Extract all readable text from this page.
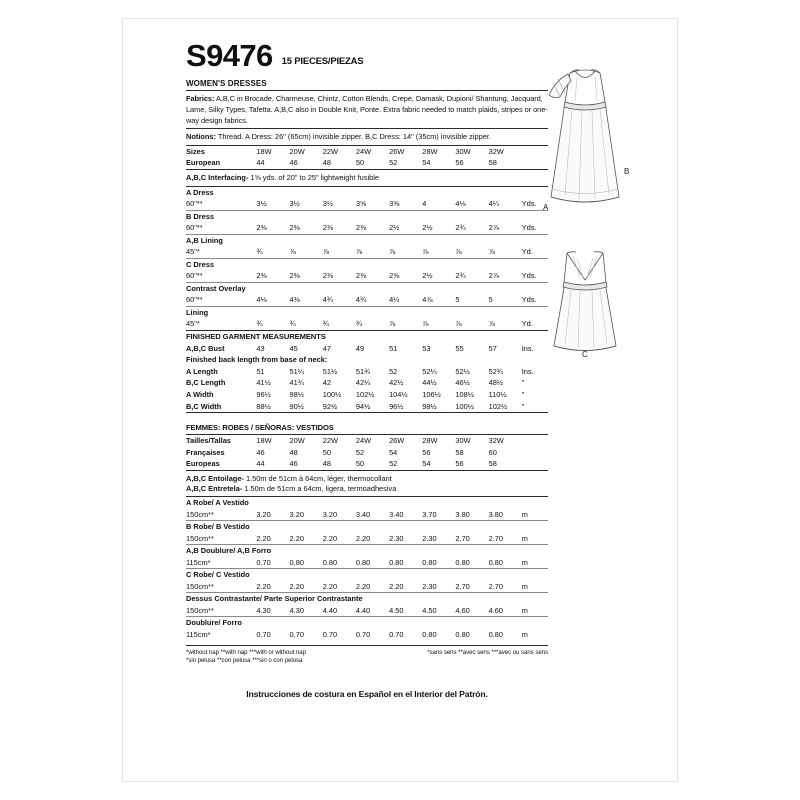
S9476 15 PIECES/PIEZAS
WOMEN'S DRESSES
Fabrics: A,B,C in Brocade, Charmeuse, Chintz, Cotton Blends, Crepe, Damask, Dupioni/ Shantung, Jacquard, Lame, Silky Types, Tafetta. A,B,C also in Double Knit, Ponte. Extra fabric needed to match plaids, stripes or one-way design fabrics.
Notions: Thread. A Dress: 26" (65cm) invisible zipper. B,C Dress: 14" (35cm) invisible zipper.
Sizes	18W	20W	22W	24W	26W	28W	30W	32W	
European	44	46	48	50	52	54	56	58	
A,B,C Interfacing- 1⅝ yds. of 20" to 25" lightweight fusible
A Dress									
60"**	3½	3½	3½	3⅝	3⅝	4	4⅛	4¼	Yds.
B Dress									
60"**	2⅜	2⅜	2⅜	2⅜	2½	2½	2¾	2⅞	Yds.
A,B Lining									
45"*	¾	⅞	⅞	⅞	⅞	⅞	⅞	⅞	Yd.
C Dress									
60"**	2⅜	2⅜	2⅜	2⅜	2⅜	2½	2¾	2⅞	Yds.
Contrast Overlay									
60"**	4⅛	4⅜	4¾	4¾	4¼	4⅞	5	5	Yds.
Lining									
45"*	¾	¾	¾	¾	⅞	⅞	⅞	⅞	Yd.
FINISHED GARMENT MEASUREMENTS									
A,B,C Bust	43	45	47	49	51	53	55	57	Ins.
Finished back length from base of neck:									
A Length	51	51¼	51½	51¾	52	52¼	52½	52¾	Ins.
B,C Length	41½	41¾	42	42¼	42½	44½	46½	48½	"
A Width	96½	98½	100½	102½	104½	106½	108½	110½	"
B,C Width	88½	90½	92½	94½	96½	98½	100½	102½	"
FEMMES: ROBES / SEÑORAS: VESTIDOS									
Tailles/Tallas	18W	20W	22W	24W	26W	28W	30W	32W	
Françaises	46	48	50	52	54	56	58	60	
Europeas	44	46	48	50	52	54	56	58	
A,B,C Entoilage- 1.50m de 51cm à 64cm, léger, thermocollant
A,B,C Entretela- 1.50m de 51cm a 64cm, ligera, termoadhesiva
A Robe/ A Vestido									
150cm**	3.20	3.20	3.20	3.40	3.40	3.70	3.80	3.80	m
B Robe/ B Vestido									
150cm**	2.20	2.20	2.20	2.20	2.30	2.30	2.70	2.70	m
A,B Doublure/ A,B Forro									
115cm*	0.70	0.80	0.80	0.80	0.80	0.80	0.80	0.80	m
C Robe/ C Vestido									
150cm**	2.20	2.20	2.20	2.20	2.20	2.30	2.70	2.70	m
Dessus Contrastante/ Parte Superior Contrastante									
150cm**	4.30	4.30	4.40	4.40	4.50	4.50	4.60	4.60	m
Doublure/ Forro									
115cm*	0.70	0.70	0.70	0.70	0.70	0.80	0.80	0.80	m
*without nap **with nap ***with or without nap
*sin pelusa **con pelusa ***sin o con pelusa
*sans sens **avec sens ***avec ou sans sens
Instrucciones de costura en Español en el Interior del Patrón.
A
B
C
